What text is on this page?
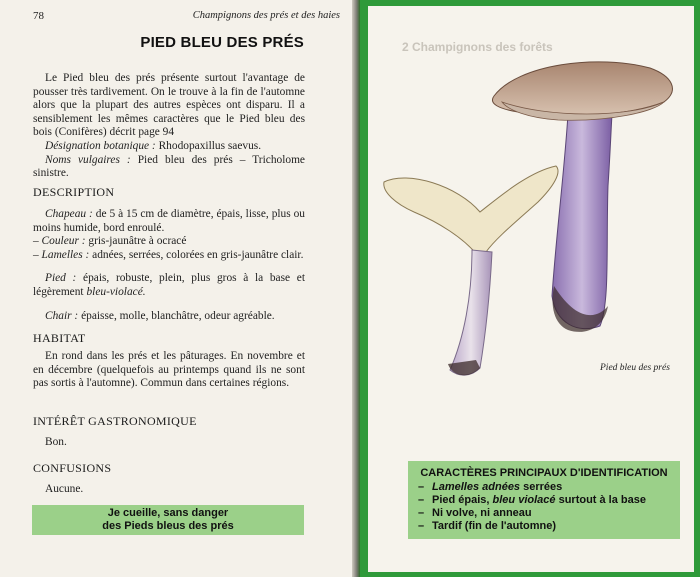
78	Champignons des prés et des haies
PIED BLEU DES PRÉS

Le Pied bleu des prés présente surtout l'avantage de pousser très tardivement. On le trouve à la fin de l'automne alors que la plupart des autres espèces ont disparu. Il a sensiblement les mêmes caractères que le Pied bleu des bois (Conifères) décrit page 94

Désignation botanique : Rhodopaxillus saevus.

Noms vulgaires : Pied bleu des prés – Tricholome sinistre.

DESCRIPTION

Chapeau : de 5 à 15 cm de diamètre, épais, lisse, plus ou moins humide, bord enroulé.

– Couleur : gris-jaunâtre à ocracé

– Lamelles : adnées, serrées, colorées en gris-jaunâtre clair.

Pied : épais, robuste, plein, plus gros à la base et légèrement bleu-violacé.

Chair : épaisse, molle, blanchâtre, odeur agréable.

HABITAT

En rond dans les prés et les pâturages. En novembre et en décembre (quelquefois au printemps quand ils ne sont pas sortis à l'automne). Commun dans certaines régions.

INTÉRÊT GASTRONOMIQUE

Bon.

CONFUSIONS

Aucune.

Je cueille, sans danger
des Pieds bleus des prés
2 Champignons des forêts
Pied bleu des prés
CARACTÈRES PRINCIPAUX D'IDENTIFICATION
– Lamelles adnées serrées
– Pied épais, bleu violacé surtout à la base
– Ni volve, ni anneau
– Tardif (fin de l'automne)
